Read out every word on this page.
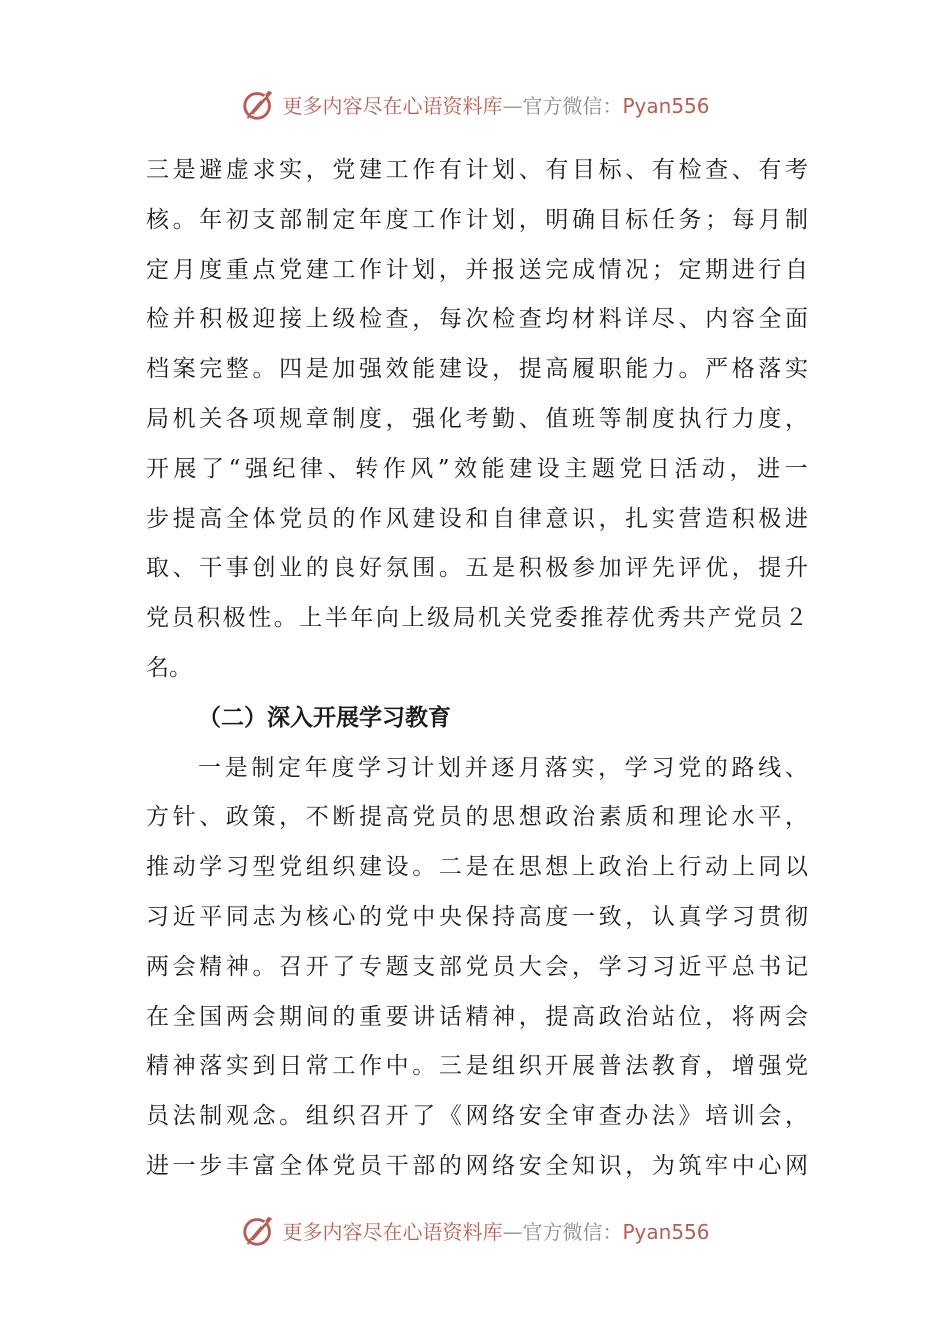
更多内容尽在心语资料库—官方微信：Pyan556
三 是 避 虚 求 实 ， 党 建 工 作 有 计 划 、 有 目 标 、 有 检 查 、 有 考
核 。 年 初 支 部 制 定 年 度 工 作 计 划 ， 明 确 目 标 任 务 ； 每 月 制
定 月 度 重 点 党 建 工 作 计 划 ， 并 报 送 完 成 情 况 ； 定 期 进 行 自
检 并 积 极 迎 接 上 级 检 查 ， 每 次 检 查 均 材 料 详 尽 、 内 容 全 面
档 案 完 整 。 四 是 加 强 效 能 建 设 ， 提 高 履 职 能 力 。 严 格 落 实
局 机 关 各 项 规 章 制 度 ， 强 化 考 勤 、 值 班 等 制 度 执 行 力 度 ，
开 展 了 “ 强 纪 律 、 转 作 风 ” 效 能 建 设 主 题 党 日 活 动 ， 进 一
步 提 高 全 体 党 员 的 作 风 建 设 和 自 律 意 识 ， 扎 实 营 造 积 极 进
取 、 干 事 创 业 的 良 好 氛 围 。 五 是 积 极 参 加 评 先 评 优 ， 提 升
党 员 积 极 性 。 上 半 年 向 上 级 局 机 关 党 委 推 荐 优 秀 共 产 党 员 ２
名。
（二）深入开展学习教育
一 是 制 定 年 度 学 习 计 划 并 逐 月 落 实 ， 学 习 党 的 路 线 、
方 针 、 政 策 ， 不 断 提 高 党 员 的 思 想 政 治 素 质 和 理 论 水 平 ，
推 动 学 习 型 党 组 织 建 设 。 二 是 在 思 想 上 政 治 上 行 动 上 同 以
习 近 平 同 志 为 核 心 的 党 中 央 保 持 高 度 一 致 ， 认 真 学 习 贯 彻
两 会 精 神 。 召 开 了 专 题 支 部 党 员 大 会 ， 学 习 习 近 平 总 书 记
在 全 国 两 会 期 间 的 重 要 讲 话 精 神 ， 提 高 政 治 站 位 ， 将 两 会
精 神 落 实 到 日 常 工 作 中 。 三 是 组 织 开 展 普 法 教 育 ， 增 强 党
员 法 制 观 念 。 组 织 召 开 了 《 网 络 安 全 审 查 办 法 》 培 训 会 ，
进 一 步 丰 富 全 体 党 员 干 部 的 网 络 安 全 知 识 ， 为 筑 牢 中 心 网
更多内容尽在心语资料库—官方微信：Pyan556
